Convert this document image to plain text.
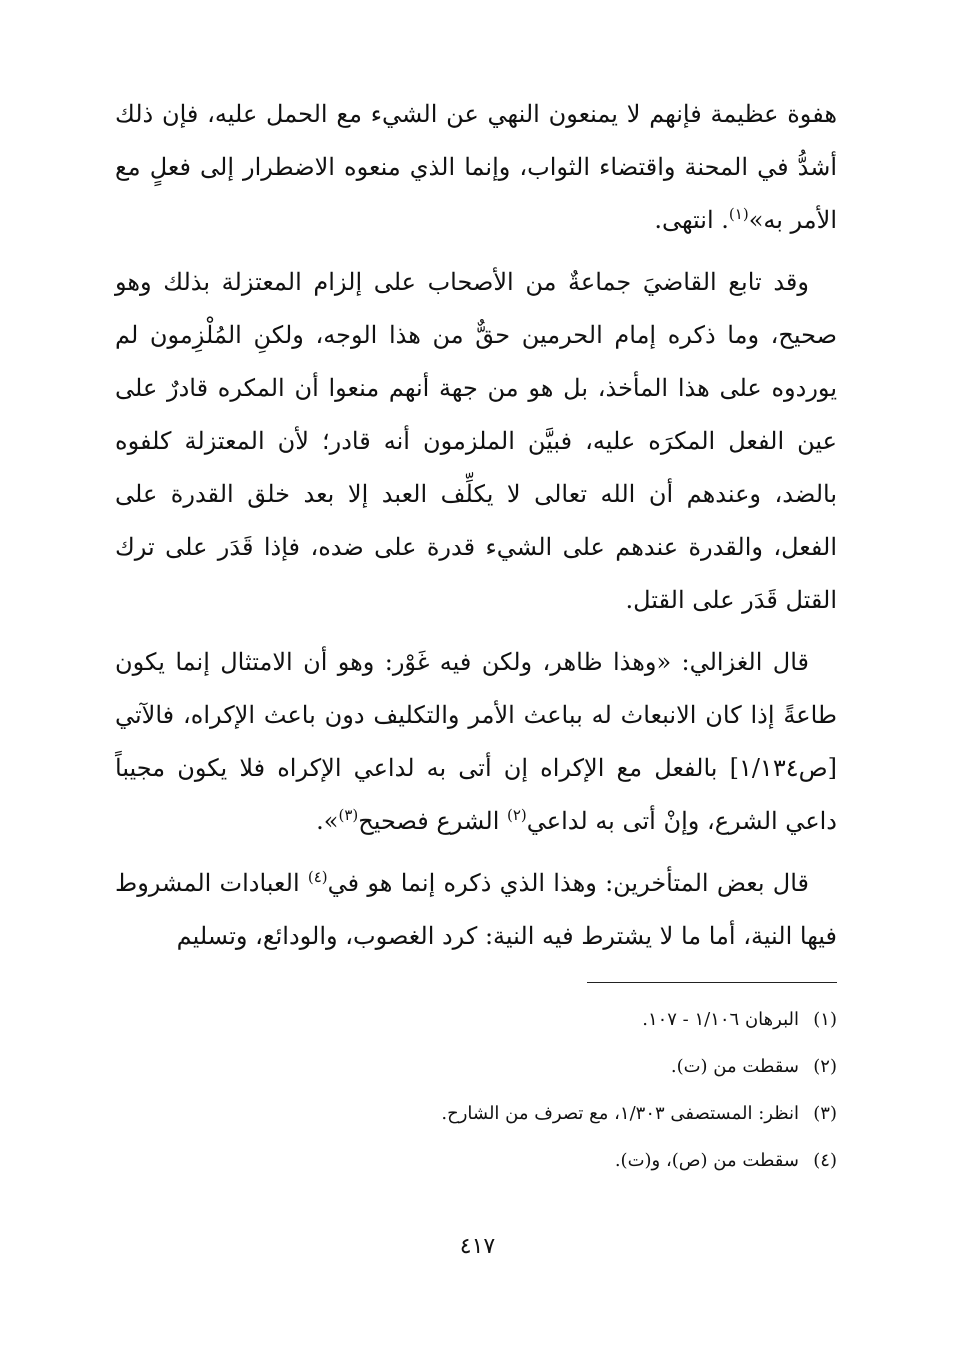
هفوة عظيمة فإنهم لا يمنعون النهي عن الشيء مع الحمل عليه، فإن ذلك أشدُّ في المحنة واقتضاء الثواب، وإنما الذي منعوه الاضطرار إلى فعلٍ مع الأمر به»$^{(١)}$. انتهى.

وقد تابع القاضيَ جماعةٌ من الأصحاب على إلزام المعتزلة بذلك وهو صحيح، وما ذكره إمام الحرمين حقٌّ من هذا الوجه، ولكنِ المُلْزِمون لم يوردوه على هذا المأخذ، بل هو من جهة أنهم منعوا أن المكره قادرٌ على عين الفعل المكرَه عليه، فبيَّن الملزمون أنه قادر؛ لأن المعتزلة كلفوه بالضد، وعندهم أن الله تعالى لا يكلِّف العبد إلا بعد خلق القدرة على الفعل، والقدرة عندهم على الشيء قدرة على ضده، فإذا قَدَر على ترك القتل قَدَر على القتل.

قال الغزالي: «وهذا ظاهر، ولكن فيه غَوْر: وهو أن الامتثال إنما يكون طاعةً إذا كان الانبعاث له بباعث الأمر والتكليف دون باعث الإكراه، فالآتي [ص١/١٣٤] بالفعل مع الإكراه إن أتى به لداعي الإكراه فلا يكون مجيباً داعي الشرع، وإنْ أتى به لداعي$^{(٢)}$ الشرع فصحيح$^{(٣)}$».

قال بعض المتأخرين: وهذا الذي ذكره إنما هو في$^{(٤)}$ العبادات المشروط فيها النية، أما ما لا يشترط فيه النية: كرد الغصوب، والودائع، وتسليم

(١)البرهان ١/١٠٦ - ١٠٧.
(٢)سقطت من (ت).
(٣)انظر: المستصفى ١/٣٠٣، مع تصرف من الشارح.
(٤)سقطت من (ص)، و(ت).
٤١٧
